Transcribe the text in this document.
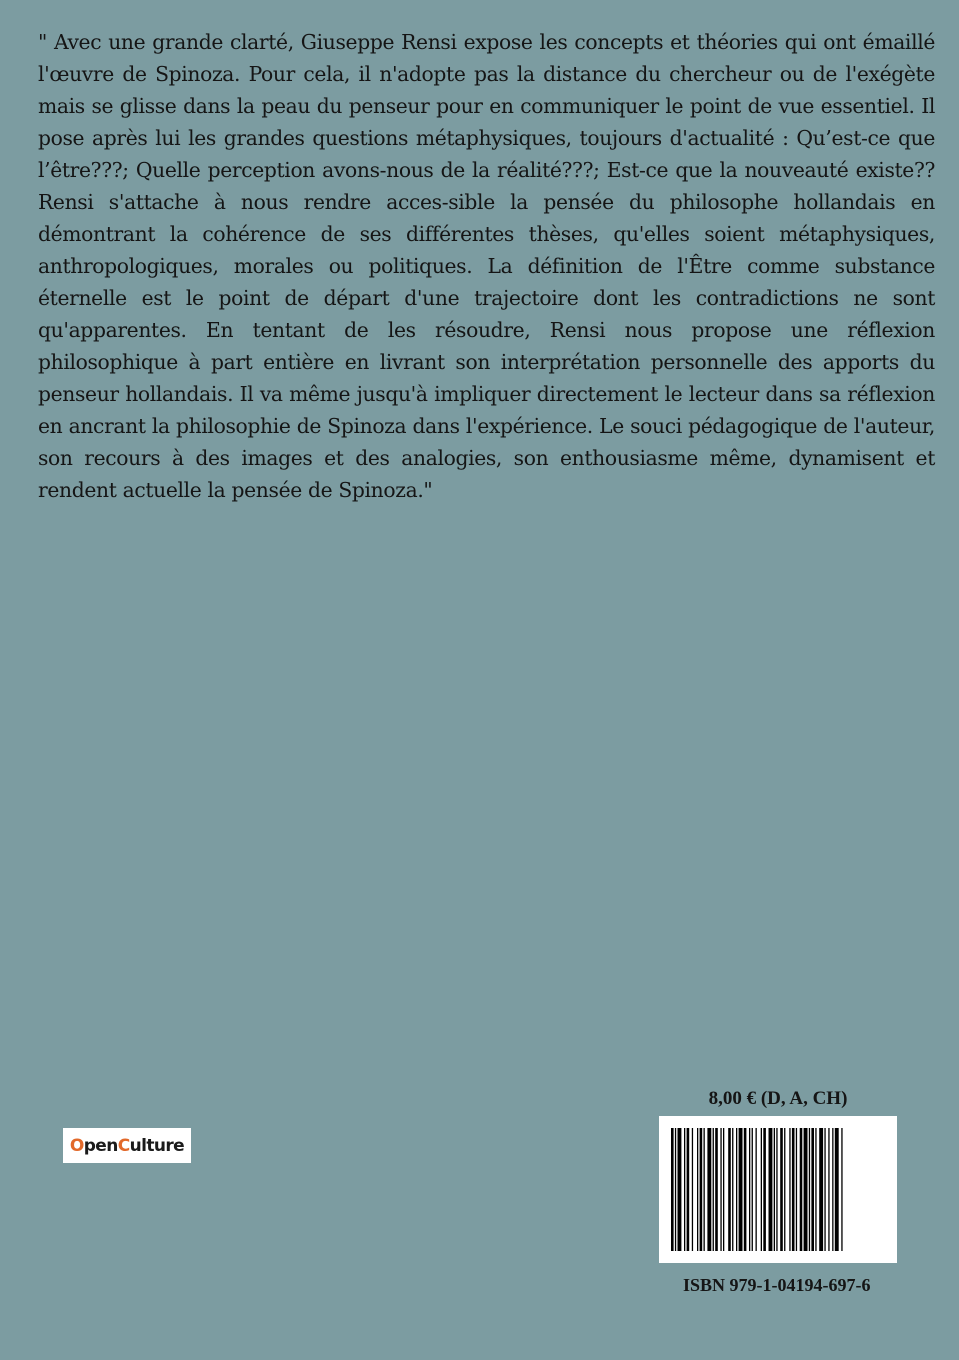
" Avec une grande clarté, Giuseppe Rensi expose les concepts et théories qui ont émaillé l'œuvre de Spinoza. Pour cela, il n'adopte pas la distance du chercheur ou de l'exégète mais se glisse dans la peau du penseur pour en communiquer le point de vue essentiel. Il pose après lui les grandes questions métaphysiques, toujours d'actualité : Qu’est-ce que l’être???; Quelle perception avons-nous de la réalité???; Est-ce que la nouveauté existe?? Rensi s'attache à nous rendre acces-sible la pensée du philosophe hollandais en démontrant la cohérence de ses différentes thèses, qu'elles soient métaphysiques, anthropologiques, morales ou politiques. La définition de l'Être comme substance éternelle est le point de départ d'une trajectoire dont les contradictions ne sont qu'apparentes. En tentant de les résoudre, Rensi nous propose une réflexion philosophique à part entière en livrant son interprétation personnelle des apports du penseur hollandais. Il va même jusqu'à impliquer directement le lecteur dans sa réflexion en ancrant la philosophie de Spinoza dans l'expérience. Le souci pédagogique de l'auteur, son recours à des images et des analogies, son enthousiasme même, dynamisent et rendent actuelle la pensée de Spinoza."

OpenCulture
8,00 € (D, A, CH)
ISBN 979-1-04194-697-6
